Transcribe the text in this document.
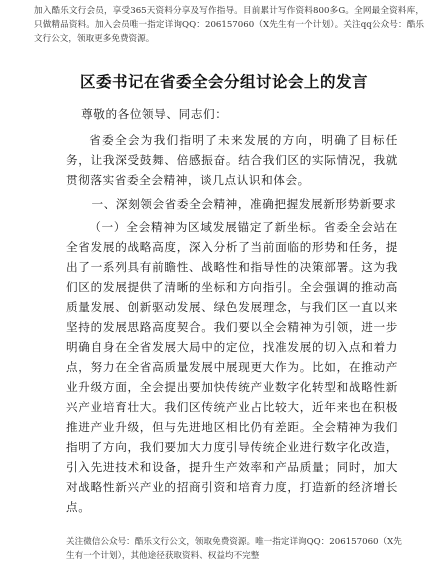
加入酷乐文行会员，享受365天资料分享及写作指导。目前累计写作资料800多G。全网最全资料库，只做精品资料。加入会员唯一指定详询QQ：206157060（X先生有一个计划）。关注qq公众号：酷乐文行公文，领取更多免费资源。

区委书记在省委全会分组讨论会上的发言

尊敬的各位领导、同志们：

省委全会为我们指明了未来发展的方向，明确了目标任务，让我深受鼓舞、倍感振奋。结合我们区的实际情况，我就贯彻落实省委全会精神，谈几点认识和体会。

一、深刻领会省委全会精神，准确把握发展新形势新要求

（一）全会精神为区域发展锚定了新坐标。省委全会站在全省发展的战略高度，深入分析了当前面临的形势和任务，提出了一系列具有前瞻性、战略性和指导性的决策部署。这为我们区的发展提供了清晰的坐标和方向指引。全会强调的推动高质量发展、创新驱动发展、绿色发展理念，与我们区一直以来坚持的发展思路高度契合。我们要以全会精神为引领，进一步明确自身在全省发展大局中的定位，找准发展的切入点和着力点，努力在全省高质量发展中展现更大作为。比如，在推动产业升级方面，全会提出要加快传统产业数字化转型和战略性新兴产业培育壮大。我们区传统产业占比较大，近年来也在积极推进产业升级，但与先进地区相比仍有差距。全会精神为我们指明了方向，我们要加大力度引导传统企业进行数字化改造，引入先进技术和设备，提升生产效率和产品质量；同时，加大对战略性新兴产业的招商引资和培育力度，打造新的经济增长点。

关注微信公众号：酷乐文行公文，领取免费资源。唯一指定详询QQ：206157060（X先生有一个计划），其他途径获取资料、权益均不完整
